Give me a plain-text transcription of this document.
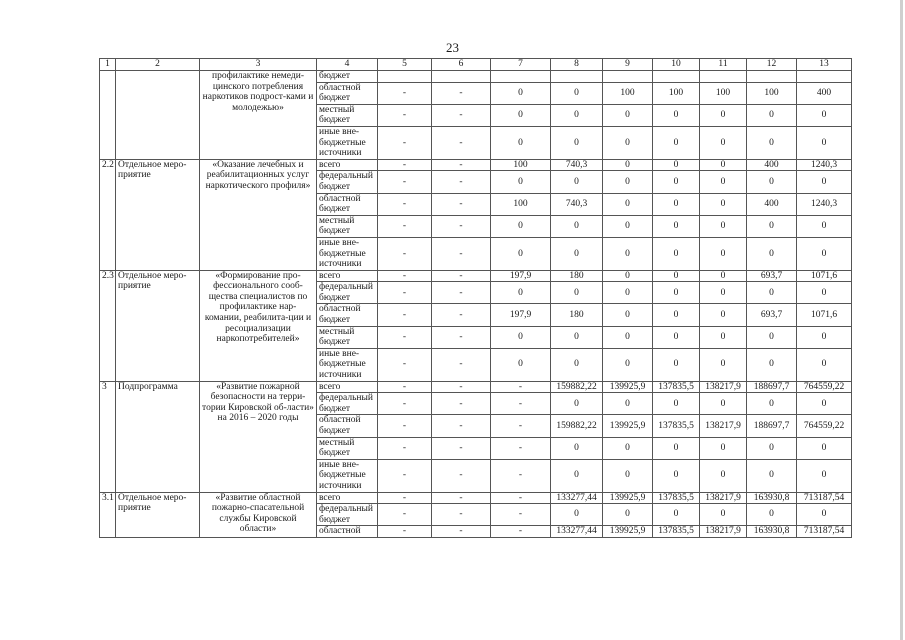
23
1	2	3	4	5	6	7	8	9	10	11	12	13
		профилактике немеди-цинского потребления наркотиков подрост-ками и молодежью»	бюджет									
			областной бюджет	-	-	0	0	100	100	100	100	400
			местный бюджет	-	-	0	0	0	0	0	0	0
			иные вне-бюджетные источники	-	-	0	0	0	0	0	0	0
2.2	Отдельное меро-приятие	«Оказание лечебных и реабилитационных услуг наркотического профиля»	всего	-	-	100	740,3	0	0	0	400	1240,3
			федеральный бюджет	-	-	0	0	0	0	0	0	0
			областной бюджет	-	-	100	740,3	0	0	0	400	1240,3
			местный бюджет	-	-	0	0	0	0	0	0	0
			иные вне-бюджетные источники	-	-	0	0	0	0	0	0	0
2.3	Отдельное меро-приятие	«Формирование про-фессионального сооб-щества специалистов по профилактике нар-комании, реабилита-ции и ресоциализации наркопотребителей»	всего	-	-	197,9	180	0	0	0	693,7	1071,6
			федеральный бюджет	-	-	0	0	0	0	0	0	0
			областной бюджет	-	-	197,9	180	0	0	0	693,7	1071,6
			местный бюджет	-	-	0	0	0	0	0	0	0
			иные вне-бюджетные источники	-	-	0	0	0	0	0	0	0
3	Подпрограмма	«Развитие пожарной безопасности на терри-тории Кировской об-ласти» на 2016 – 2020 годы	всего	-	-	-	159882,22	139925,9	137835,5	138217,9	188697,7	764559,22
			федеральный бюджет	-	-	-	0	0	0	0	0	0
			областной бюджет	-	-	-	159882,22	139925,9	137835,5	138217,9	188697,7	764559,22
			местный бюджет	-	-	-	0	0	0	0	0	0
			иные вне-бюджетные источники	-	-	-	0	0	0	0	0	0
3.1	Отдельное меро-приятие	«Развитие областной пожарно-спасательной службы Кировской области»	всего	-	-	-	133277,44	139925,9	137835,5	138217,9	163930,8	713187,54
			федеральный бюджет	-	-	-	0	0	0	0	0	0
			областной	-	-	-	133277,44	139925,9	137835,5	138217,9	163930,8	713187,54
